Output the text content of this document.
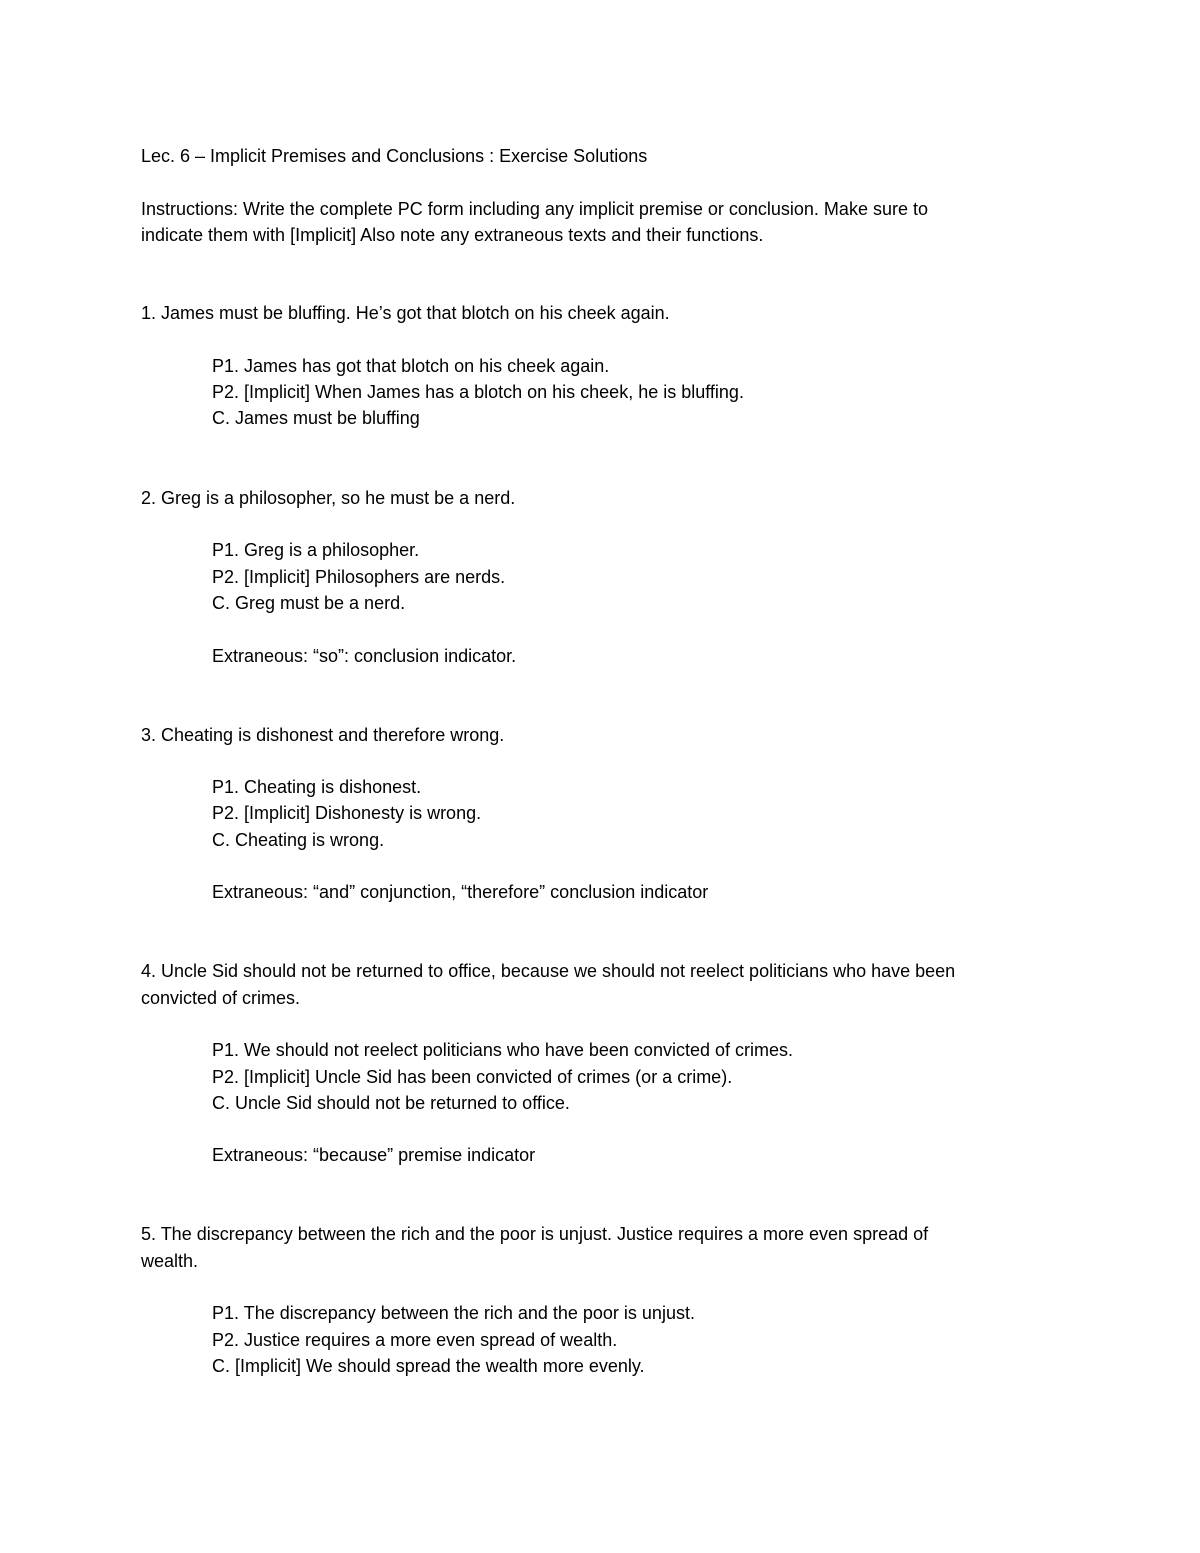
Lec. 6 – Implicit Premises and Conclusions : Exercise Solutions
Instructions: Write the complete PC form including any implicit premise or conclusion. Make sure to
indicate them with [Implicit] Also note any extraneous texts and their functions.
1. James must be bluffing. He’s got that blotch on his cheek again.
P1. James has got that blotch on his cheek again.
P2. [Implicit] When James has a blotch on his cheek, he is bluffing.
C. James must be bluffing
2. Greg is a philosopher, so he must be a nerd.
P1. Greg is a philosopher.
P2. [Implicit] Philosophers are nerds.
C. Greg must be a nerd.
Extraneous: “so”: conclusion indicator.
3. Cheating is dishonest and therefore wrong.
P1. Cheating is dishonest.
P2. [Implicit] Dishonesty is wrong.
C. Cheating is wrong.
Extraneous: “and” conjunction, “therefore” conclusion indicator
4. Uncle Sid should not be returned to office, because we should not reelect politicians who have been
convicted of crimes.
P1. We should not reelect politicians who have been convicted of crimes.
P2. [Implicit] Uncle Sid has been convicted of crimes (or a crime).
C. Uncle Sid should not be returned to office.
Extraneous: “because” premise indicator
5. The discrepancy between the rich and the poor is unjust. Justice requires a more even spread of
wealth.
P1. The discrepancy between the rich and the poor is unjust.
P2. Justice requires a more even spread of wealth.
C. [Implicit] We should spread the wealth more evenly.
